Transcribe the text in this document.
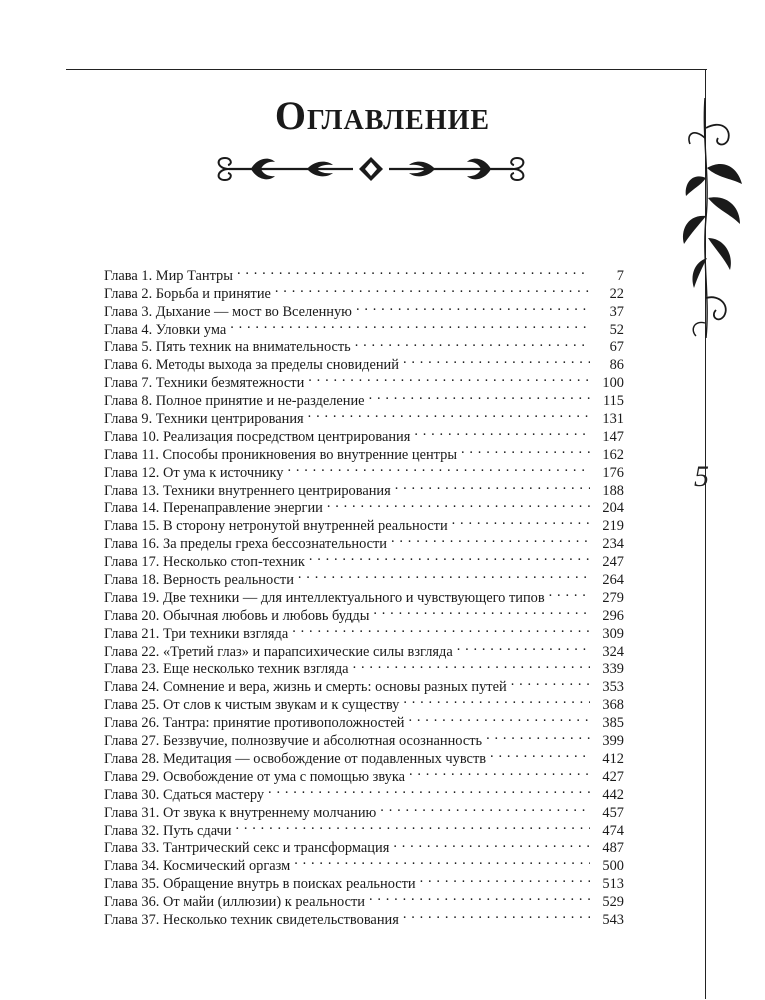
Оглавление
5
Глава 1. Мир Тантры . . .	7
Глава 2. Борьба и принятие . . .	22
Глава 3. Дыхание — мост во Вселенную . . .	37
Глава 4. Уловки ума . . .	52
Глава 5. Пять техник на внимательность . . .	67
Глава 6. Методы выхода за пределы сновидений . . .	86
Глава 7. Техники безмятежности . . .	100
Глава 8. Полное принятие и не-разделение . . .	115
Глава 9. Техники центрирования . . .	131
Глава 10. Реализация посредством центрирования . . .	147
Глава 11. Способы проникновения во внутренние центры . . .	162
Глава 12. От ума к источнику . . .	176
Глава 13. Техники внутреннего центрирования . . .	188
Глава 14. Перенаправление энергии . . .	204
Глава 15. В сторону нетронутой внутренней реальности . . .	219
Глава 16. За пределы греха бессознательности . . .	234
Глава 17. Несколько стоп-техник . . .	247
Глава 18. Верность реальности . . .	264
Глава 19. Две техники — для интеллектуального и чувствующего типов . . .	279
Глава 20. Обычная любовь и любовь будды . . .	296
Глава 21. Три техники взгляда . . .	309
Глава 22. «Третий глаз» и парапсихические силы взгляда . . .	324
Глава 23. Еще несколько техник взгляда . . .	339
Глава 24. Сомнение и вера, жизнь и смерть: основы разных путей . . .	353
Глава 25. От слов к чистым звукам и к существу . . .	368
Глава 26. Тантра: принятие противоположностей . . .	385
Глава 27. Беззвучие, полнозвучие и абсолютная осознанность . . .	399
Глава 28. Медитация — освобождение от подавленных чувств . . .	412
Глава 29. Освобождение от ума с помощью звука . . .	427
Глава 30. Сдаться мастеру . . .	442
Глава 31. От звука к внутреннему молчанию . . .	457
Глава 32. Путь сдачи . . .	474
Глава 33. Тантрический секс и трансформация . . .	487
Глава 34. Космический оргазм . . .	500
Глава 35. Обращение внутрь в поисках реальности . . .	513
Глава 36. От майи (иллюзии) к реальности . . .	529
Глава 37. Несколько техник свидетельствования . . .	543
